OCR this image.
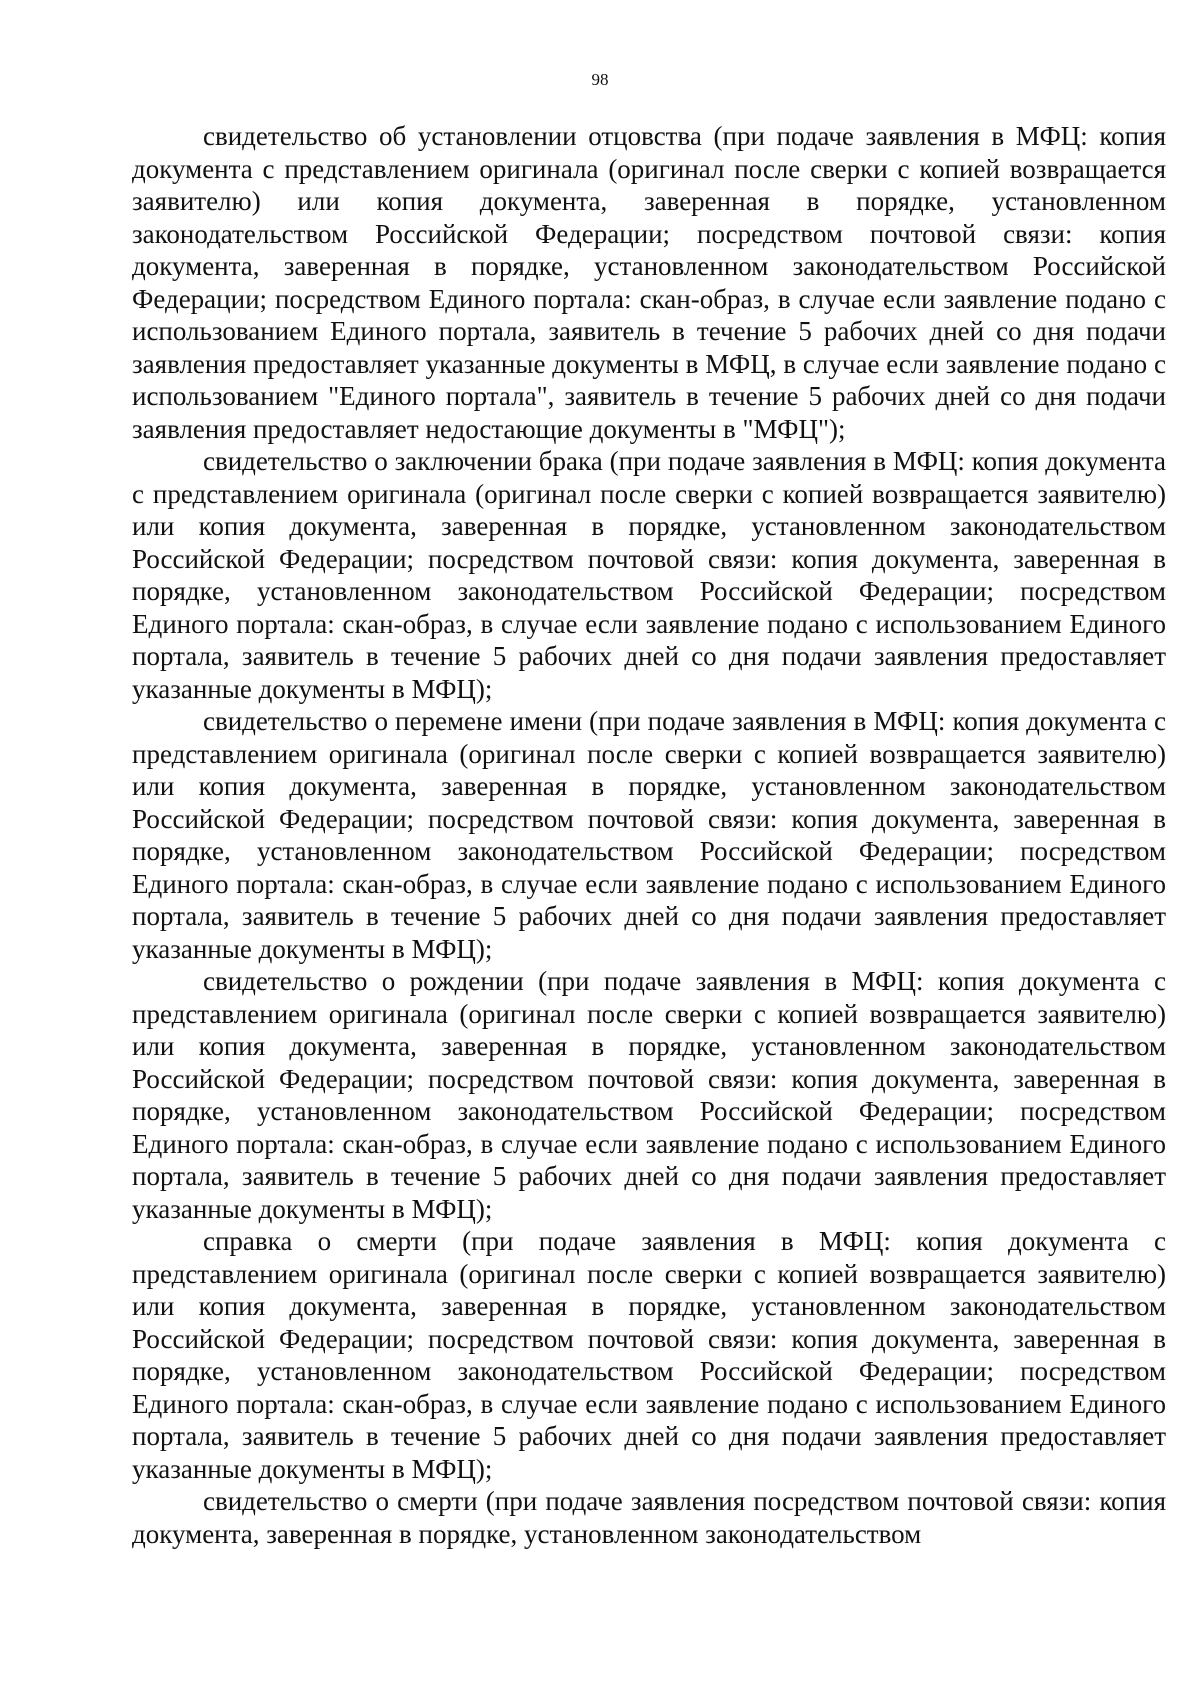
98

свидетельство об установлении отцовства (при подаче заявления в МФЦ: копия документа с представлением оригинала (оригинал после сверки с копией возвращается заявителю) или копия документа, заверенная в порядке, установленном законодательством Российской Федерации; посредством почтовой связи: копия документа, заверенная в порядке, установленном законодательством Российской Федерации; посредством Единого портала: скан-образ, в случае если заявление подано с использованием Единого портала, заявитель в течение 5 рабочих дней со дня подачи заявления предоставляет указанные документы в МФЦ, в случае если заявление подано с использованием "Единого портала", заявитель в течение 5 рабочих дней со дня подачи заявления предоставляет недостающие документы в "МФЦ");

свидетельство о заключении брака (при подаче заявления в МФЦ: копия документа с представлением оригинала (оригинал после сверки с копией возвращается заявителю) или копия документа, заверенная в порядке, установленном законодательством Российской Федерации; посредством почтовой связи: копия документа, заверенная в порядке, установленном законодательством Российской Федерации; посредством Единого портала: скан-образ, в случае если заявление подано с использованием Единого портала, заявитель в течение 5 рабочих дней со дня подачи заявления предоставляет указанные документы в МФЦ);

свидетельство о перемене имени (при подаче заявления в МФЦ: копия документа с представлением оригинала (оригинал после сверки с копией возвращается заявителю) или копия документа, заверенная в порядке, установленном законодательством Российской Федерации; посредством почтовой связи: копия документа, заверенная в порядке, установленном законодательством Российской Федерации; посредством Единого портала: скан-образ, в случае если заявление подано с использованием Единого портала, заявитель в течение 5 рабочих дней со дня подачи заявления предоставляет указанные документы в МФЦ);

свидетельство о рождении (при подаче заявления в МФЦ: копия документа с представлением оригинала (оригинал после сверки с копией возвращается заявителю) или копия документа, заверенная в порядке, установленном законодательством Российской Федерации; посредством почтовой связи: копия документа, заверенная в порядке, установленном законодательством Российской Федерации; посредством Единого портала: скан-образ, в случае если заявление подано с использованием Единого портала, заявитель в течение 5 рабочих дней со дня подачи заявления предоставляет указанные документы в МФЦ);

справка о смерти (при подаче заявления в МФЦ: копия документа с представлением оригинала (оригинал после сверки с копией возвращается заявителю) или копия документа, заверенная в порядке, установленном законодательством Российской Федерации; посредством почтовой связи: копия документа, заверенная в порядке, установленном законодательством Российской Федерации; посредством Единого портала: скан-образ, в случае если заявление подано с использованием Единого портала, заявитель в течение 5 рабочих дней со дня подачи заявления предоставляет указанные документы в МФЦ);

свидетельство о смерти (при подаче заявления посредством почтовой связи: копия документа, заверенная в порядке, установленном законодательством
